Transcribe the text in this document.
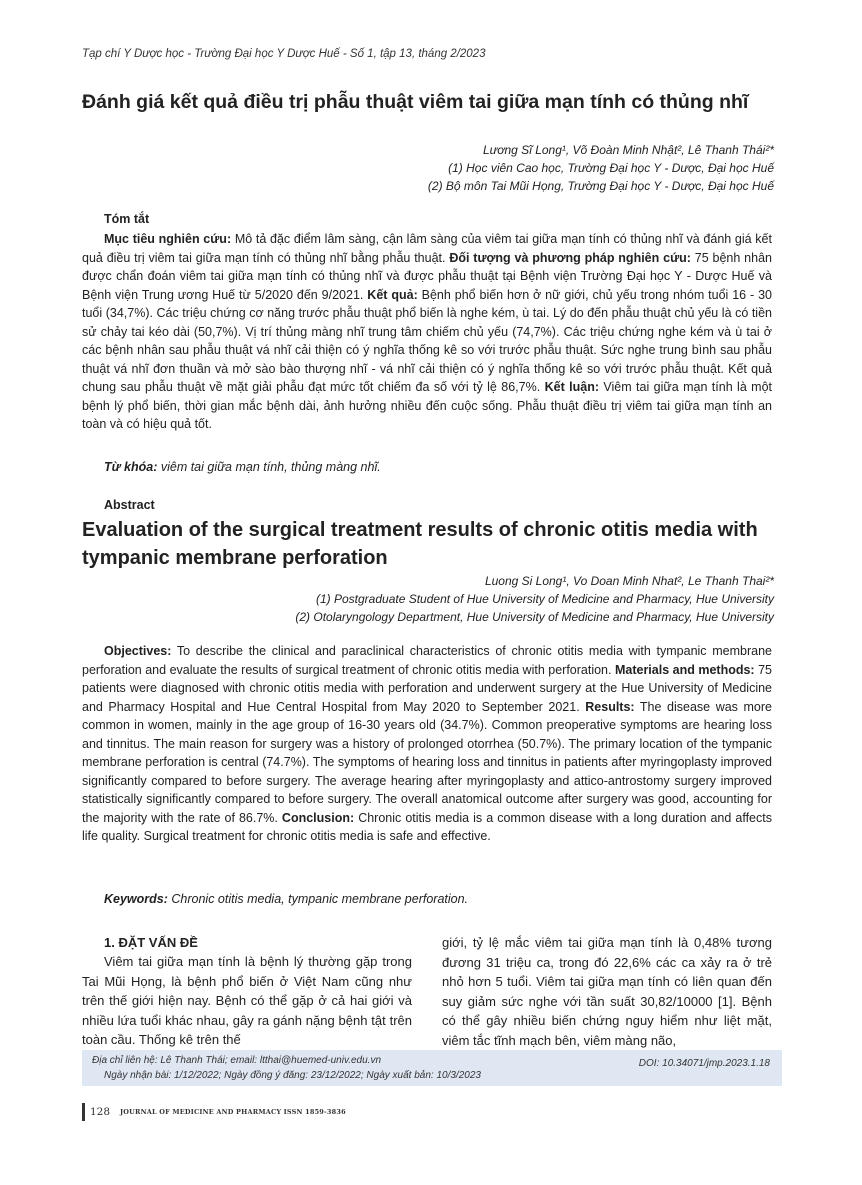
Tạp chí Y Dược học - Trường Đại học Y Dược Huế - Số 1, tập 13, tháng 2/2023
Đánh giá kết quả điều trị phẫu thuật viêm tai giữa mạn tính có thủng nhĩ
Lương Sĩ Long¹, Võ Đoàn Minh Nhật², Lê Thanh Thái²*
(1) Học viên Cao học, Trường Đại học Y - Dược, Đại học Huế
(2) Bộ môn Tai Mũi Họng, Trường Đại học Y - Dược, Đại học Huế
Tóm tắt
Mục tiêu nghiên cứu: Mô tả đặc điểm lâm sàng, cận lâm sàng của viêm tai giữa mạn tính có thủng nhĩ và đánh giá kết quả điều trị viêm tai giữa mạn tính có thủng nhĩ bằng phẫu thuật. Đối tượng và phương pháp nghiên cứu: 75 bệnh nhân được chẩn đoán viêm tai giữa mạn tính có thủng nhĩ và được phẫu thuật tại Bệnh viện Trường Đại học Y - Dược Huế và Bệnh viện Trung ương Huế từ 5/2020 đến 9/2021. Kết quả: Bệnh phổ biến hơn ở nữ giới, chủ yếu trong nhóm tuổi 16 - 30 tuổi (34,7%). Các triệu chứng cơ năng trước phẫu thuật phổ biến là nghe kém, ù tai. Lý do đến phẫu thuật chủ yếu là có tiền sử chảy tai kéo dài (50,7%). Vị trí thủng màng nhĩ trung tâm chiếm chủ yếu (74,7%). Các triệu chứng nghe kém và ù tai ở các bệnh nhân sau phẫu thuật vá nhĩ cải thiện có ý nghĩa thống kê so với trước phẫu thuật. Sức nghe trung bình sau phẫu thuật vá nhĩ đơn thuần và mở sào bào thượng nhĩ - vá nhĩ cải thiện có ý nghĩa thống kê so với trước phẫu thuật. Kết quả chung sau phẫu thuật về mặt giải phẫu đạt mức tốt chiếm đa số với tỷ lệ 86,7%. Kết luận: Viêm tai giữa mạn tính là một bệnh lý phổ biến, thời gian mắc bệnh dài, ảnh hưởng nhiều đến cuộc sống. Phẫu thuật điều trị viêm tai giữa mạn tính an toàn và có hiệu quả tốt.
Từ khóa: viêm tai giữa mạn tính, thủng màng nhĩ.
Abstract
Evaluation of the surgical treatment results of chronic otitis media with tympanic membrane perforation
Luong Si Long¹, Vo Doan Minh Nhat², Le Thanh Thai²*
(1) Postgraduate Student of Hue University of Medicine and Pharmacy, Hue University
(2) Otolaryngology Department, Hue University of Medicine and Pharmacy, Hue University
Objectives: To describe the clinical and paraclinical characteristics of chronic otitis media with tympanic membrane perforation and evaluate the results of surgical treatment of chronic otitis media with perforation. Materials and methods: 75 patients were diagnosed with chronic otitis media with perforation and underwent surgery at the Hue University of Medicine and Pharmacy Hospital and Hue Central Hospital from May 2020 to September 2021. Results: The disease was more common in women, mainly in the age group of 16-30 years old (34.7%). Common preoperative symptoms are hearing loss and tinnitus. The main reason for surgery was a history of prolonged otorrhea (50.7%). The primary location of the tympanic membrane perforation is central (74.7%). The symptoms of hearing loss and tinnitus in patients after myringoplasty improved significantly compared to before surgery. The average hearing after myringoplasty and attico-antrostomy surgery improved statistically significantly compared to before surgery. The overall anatomical outcome after surgery was good, accounting for the majority with the rate of 86.7%. Conclusion: Chronic otitis media is a common disease with a long duration and affects life quality. Surgical treatment for chronic otitis media is safe and effective.
Keywords: Chronic otitis media, tympanic membrane perforation.
1. ĐẶT VẤN ĐỀ
Viêm tai giữa mạn tính là bệnh lý thường gặp trong Tai Mũi Họng, là bệnh phổ biến ở Việt Nam cũng như trên thế giới hiện nay. Bệnh có thể gặp ở cả hai giới và nhiều lứa tuổi khác nhau, gây ra gánh nặng bệnh tật trên toàn cầu. Thống kê trên thế
giới, tỷ lệ mắc viêm tai giữa mạn tính là 0,48% tương đương 31 triệu ca, trong đó 22,6% các ca xảy ra ở trẻ nhỏ hơn 5 tuổi. Viêm tai giữa mạn tính có liên quan đến suy giảm sức nghe với tần suất 30,82/10000 [1]. Bệnh có thể gây nhiều biến chứng nguy hiểm như liệt mặt, viêm tắc tĩnh mạch bên, viêm màng não,
Địa chỉ liên hệ: Lê Thanh Thái; email: ltthai@huemed-univ.edu.vn
Ngày nhận bài: 1/12/2022; Ngày đồng ý đăng: 23/12/2022; Ngày xuất bản: 10/3/2023
DOI: 10.34071/jmp.2023.1.18
128 JOURNAL OF MEDICINE AND PHARMACY ISSN 1859-3836
